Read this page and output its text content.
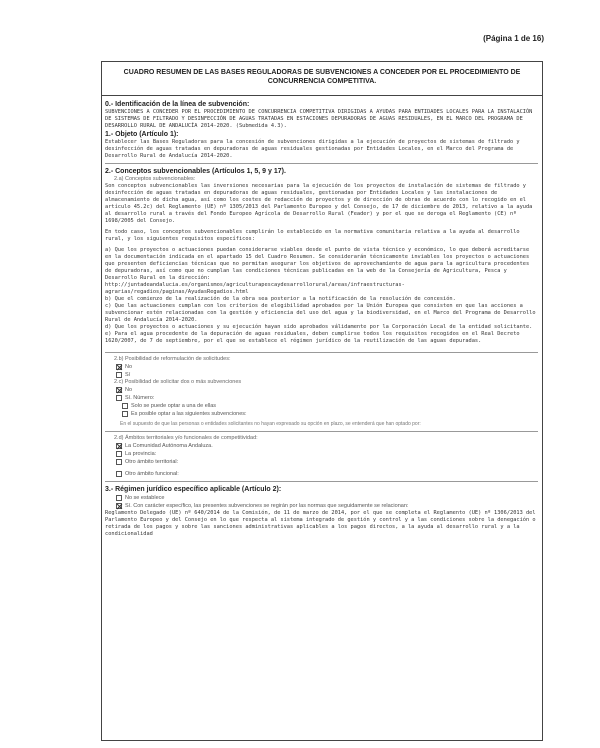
(Página 1 de 16)
CUADRO RESUMEN DE LAS BASES REGULADORAS DE SUBVENCIONES A CONCEDER POR EL PROCEDIMIENTO DE CONCURRENCIA COMPETITIVA.

0.- Identificación de la línea de subvención:

SUBVENCIONES A CONCEDER POR EL PROCEDIMIENTO DE CONCURRENCIA COMPETITIVA DIRIGIDAS A AYUDAS PARA ENTIDADES LOCALES PARA LA INSTALACIÓN DE SISTEMAS DE FILTRADO Y DESINFECCIÓN DE AGUAS TRATADAS EN ESTACIONES DEPURADORAS DE AGUAS RESIDUALES, EN EL MARCO DEL PROGRAMA DE DESARROLLO RURAL DE ANDALUCÍA 2014-2020. (Submedida 4.3).

1.- Objeto (Artículo 1):

Establecer las Bases Reguladoras para la concesión de subvenciones dirigidas a la ejecución de proyectos de sistemas de filtrado y desinfección de aguas tratadas en depuradoras de aguas residuales gestionadas por Entidades Locales, en el Marco del Programa de Desarrollo Rural de Andalucía 2014-2020.

2.- Conceptos subvencionables (Artículos 1, 5, 9 y 17).

2.a) Conceptos subvencionables:

Son conceptos subvencionables las inversiones necesarias para la ejecución de los proyectos de instalación de sistemas de filtrado y desinfección de aguas tratadas en depuradoras de aguas residuales, gestionadas por Entidades Locales y las instalaciones de almacenamiento de dicha agua, así como los costes de redacción de proyectos y de dirección de obras de acuerdo con lo recogido en el artículo 45.2c) del Reglamento (UE) nº 1305/2013 del Parlamento Europeo y del Consejo, de 17 de diciembre de 2013, relativo a la ayuda al desarrollo rural a través del Fondo Europeo Agrícola de Desarrollo Rural (Feader) y por el que se deroga el Reglamento (CE) nº 1698/2005 del Consejo.

En todo caso, los conceptos subvencionables cumplirán lo establecido en la normativa comunitaria relativa a la ayuda al desarrollo rural, y los siguientes requisitos específicos:

a) Que los proyectos o actuaciones puedan considerarse viables desde el punto de vista técnico y económico, lo que deberá acreditarse en la documentación indicada en el apartado 15 del Cuadro Resumen. Se considerarán técnicamente inviables los proyectos o actuaciones que presenten deficiencias técnicas que no permitan asegurar los objetivos de aprovechamiento de agua para la agricultura procedentes de depuradoras, así como que no cumplan las condiciones técnicas publicadas en la web de la Consejería de Agricultura, Pesca y Desarrollo Rural en la dirección:
http://juntadeandalucia.es/organismos/agriculturapescaydesarrollorural/areas/infraestructuras-agrarias/regadios/paginas/AyudasRegadios.html
b) Que el comienzo de la realización de la obra sea posterior a la notificación de la resolución de concesión.
c) Que las actuaciones cumplan con los criterios de elegibilidad aprobados por la Unión Europea que consisten en que las acciones a subvencionar estén relacionadas con la gestión y eficiencia del uso del agua y la biodiversidad, en el Marco del Programa de Desarrollo Rural de Andalucía 2014-2020.
d) Que los proyectos o actuaciones y su ejecución hayan sido aprobados válidamente por la Corporación Local de la entidad solicitante.
e) Para el agua procedente de la depuración de aguas residuales, deben cumplirse todos los requisitos recogidos en el Real Decreto 1620/2007, de 7 de septiembre, por el que se establece el régimen jurídico de la reutilización de las aguas depuradas.

2.b) Posibilidad de reformulación de solicitudes:

No
Sí

2.c) Posibilidad de solicitar dos o más subvenciones

No
Sí. Número:
Solo se puede optar a una de ellas
Es posible optar a las siguientes subvenciones:

En el supuesto de que las personas o entidades solicitantes no hayan expresado su opción en plazo, se entenderá que han optado por:

2.d) Ámbitos territoriales y/o funcionales de competitividad:

La Comunidad Autónoma Andaluza.
La provincia:
Otro ámbito territorial:
Otro ámbito funcional:

3.- Régimen jurídico específico aplicable (Artículo 2):

No se establece
Sí. Con carácter específico, las presentes subvenciones se regirán por las normas que seguidamente se relacionan:

Reglamento Delegado (UE) nº 640/2014 de la Comisión, de 11 de marzo de 2014, por el que se completa el Reglamento (UE) nº 1306/2013 del Parlamento Europeo y del Consejo en lo que respecta al sistema integrado de gestión y control y a las condiciones sobre la denegación o retirada de los pagos y sobre las sanciones administrativas aplicables a los pagos directos, a la ayuda al desarrollo rural y a la condicionalidad
